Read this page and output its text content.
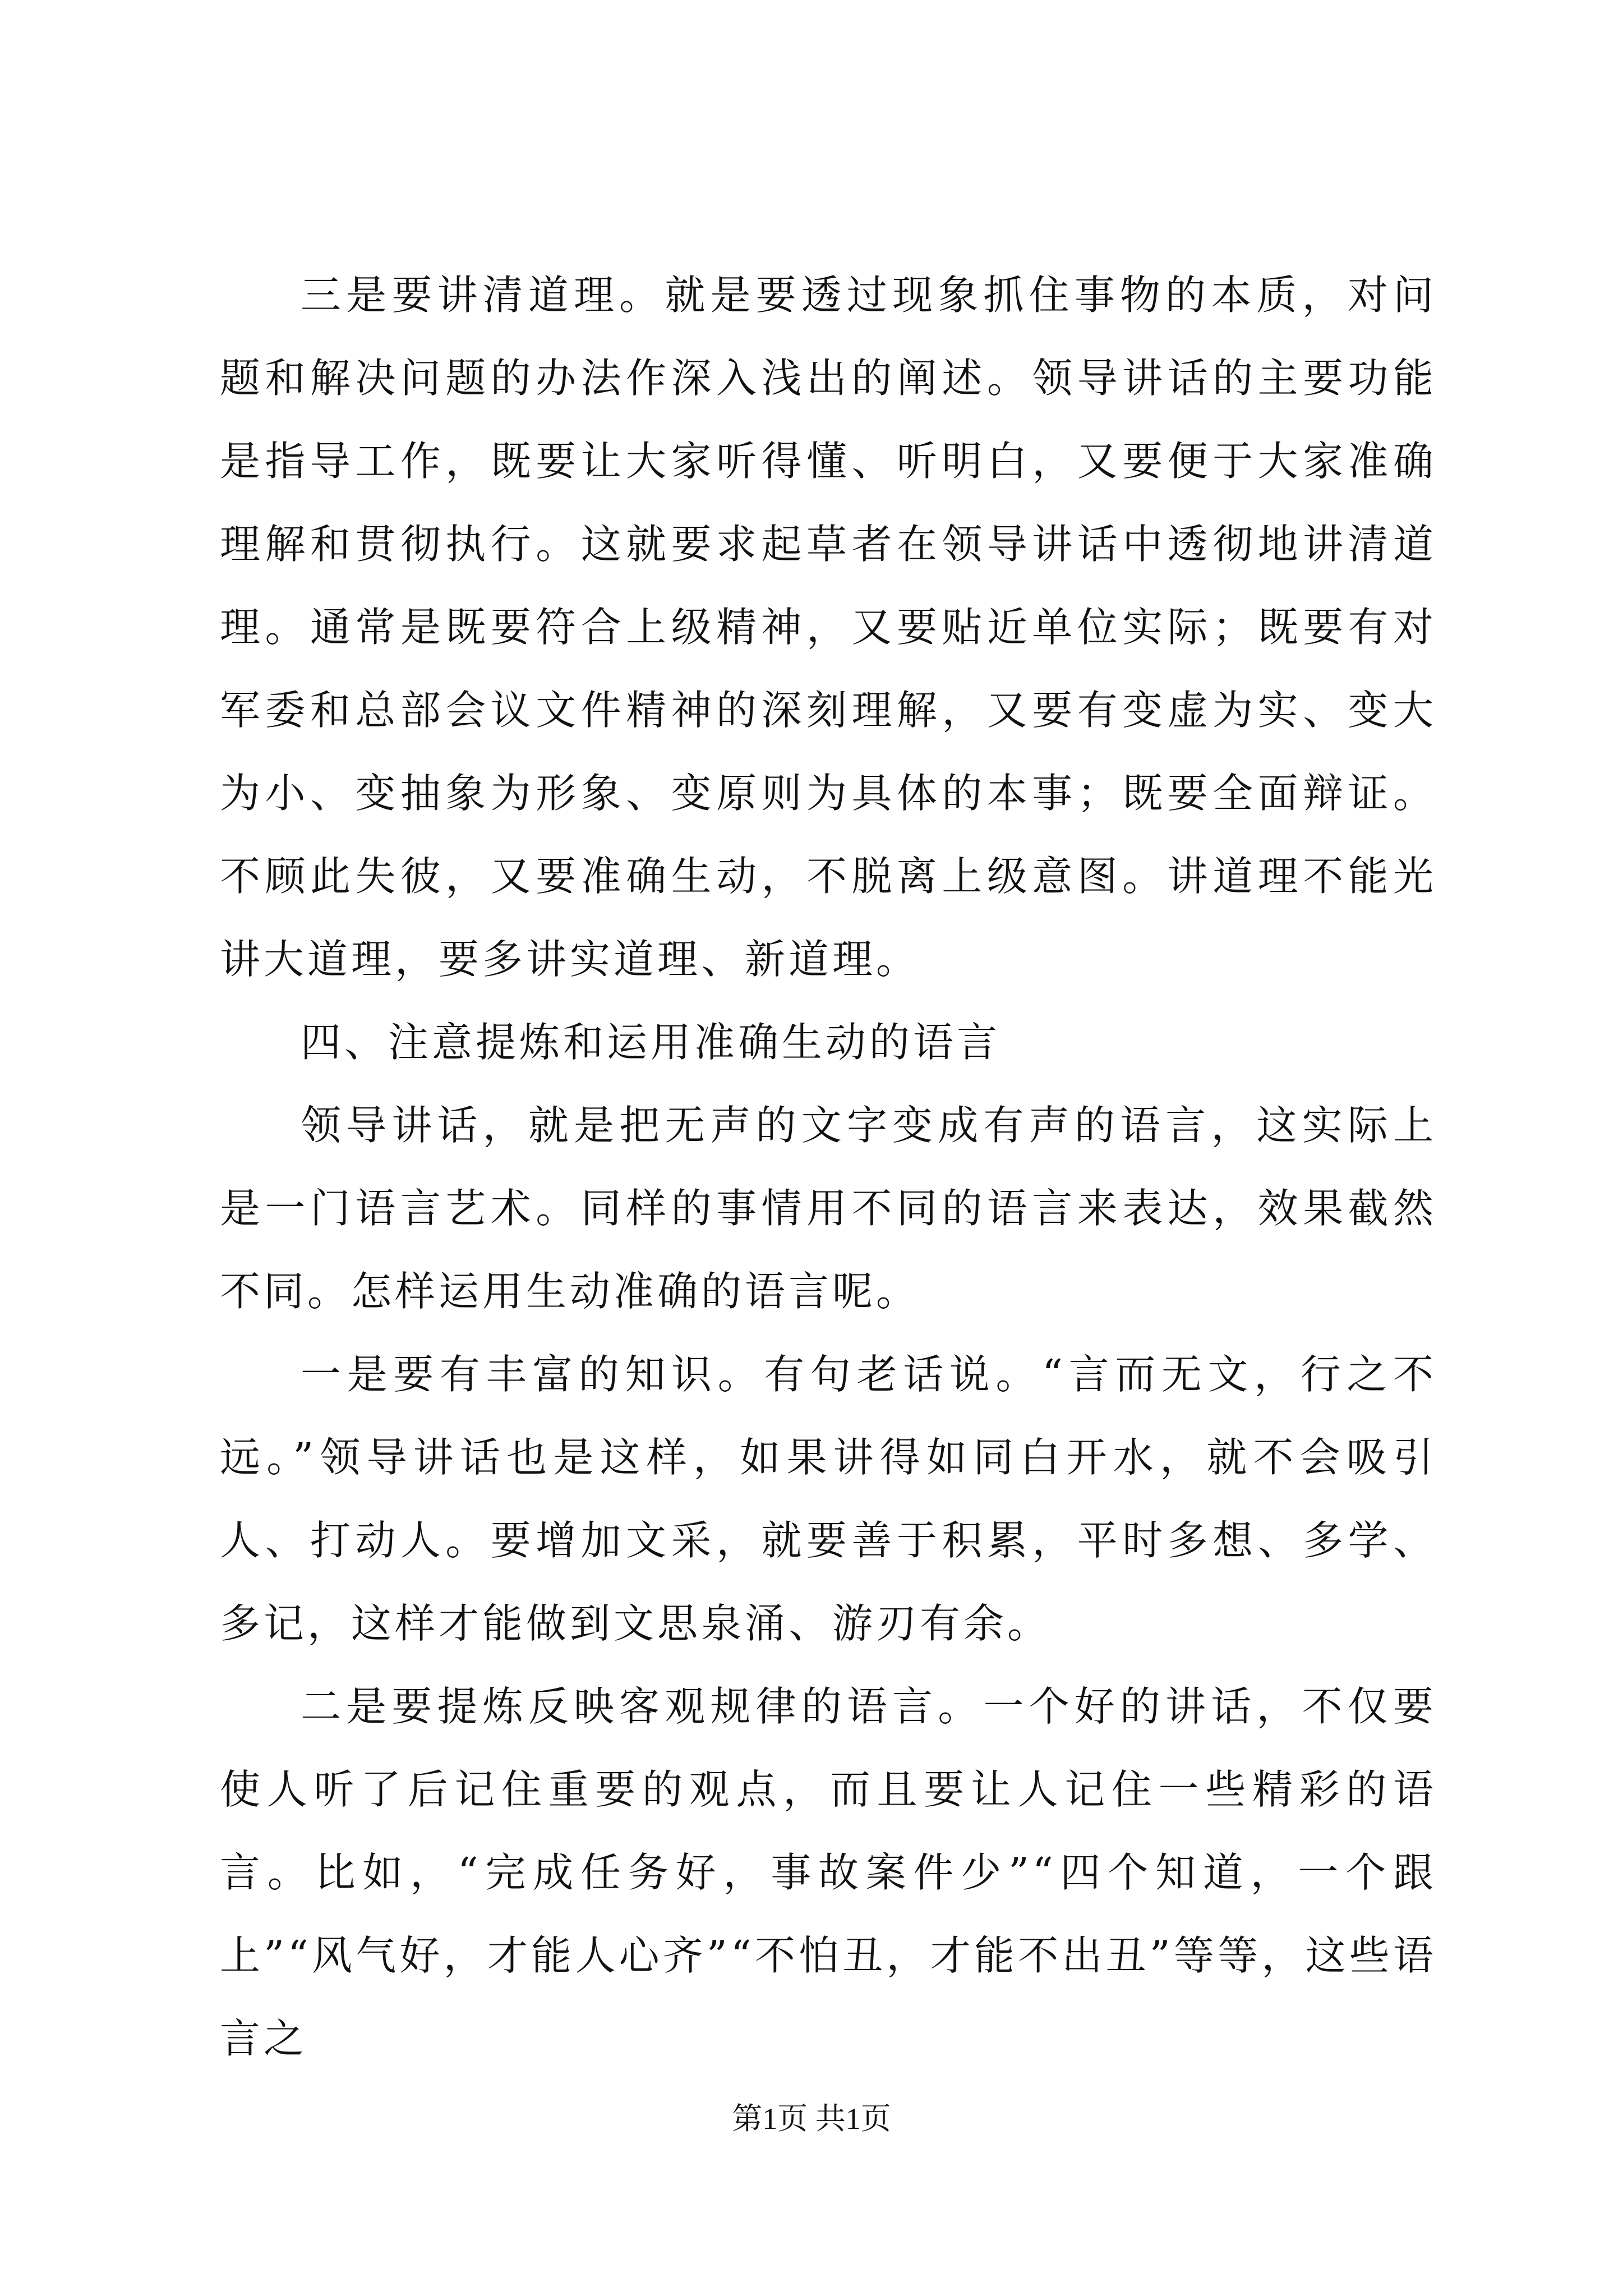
三是要讲清道理。就是要透过现象抓住事物的本质，对问题和解决问题的办法作深入浅出的阐述。领导讲话的主要功能是指导工作，既要让大家听得懂、听明白，又要便于大家准确理解和贯彻执行。这就要求起草者在领导讲话中透彻地讲清道理。通常是既要符合上级精神，又要贴近单位实际；既要有对军委和总部会议文件精神的深刻理解，又要有变虚为实、变大为小、变抽象为形象、变原则为具体的本事；既要全面辩证。不顾此失彼，又要准确生动，不脱离上级意图。讲道理不能光讲大道理，要多讲实道理、新道理。

四、注意提炼和运用准确生动的语言

领导讲话，就是把无声的文字变成有声的语言，这实际上是一门语言艺术。同样的事情用不同的语言来表达，效果截然不同。怎样运用生动准确的语言呢。

一是要有丰富的知识。有句老话说。“言而无文，行之不远。”领导讲话也是这样，如果讲得如同白开水，就不会吸引人、打动人。要增加文采，就要善于积累，平时多想、多学、多记，这样才能做到文思泉涌、游刃有余。

二是要提炼反映客观规律的语言。一个好的讲话，不仅要使人听了后记住重要的观点，而且要让人记住一些精彩的语言。比如，“完成任务好，事故案件少”“四个知道，一个跟上”“风气好，才能人心齐”“不怕丑，才能不出丑”等等，这些语言之

第1页 共1页
